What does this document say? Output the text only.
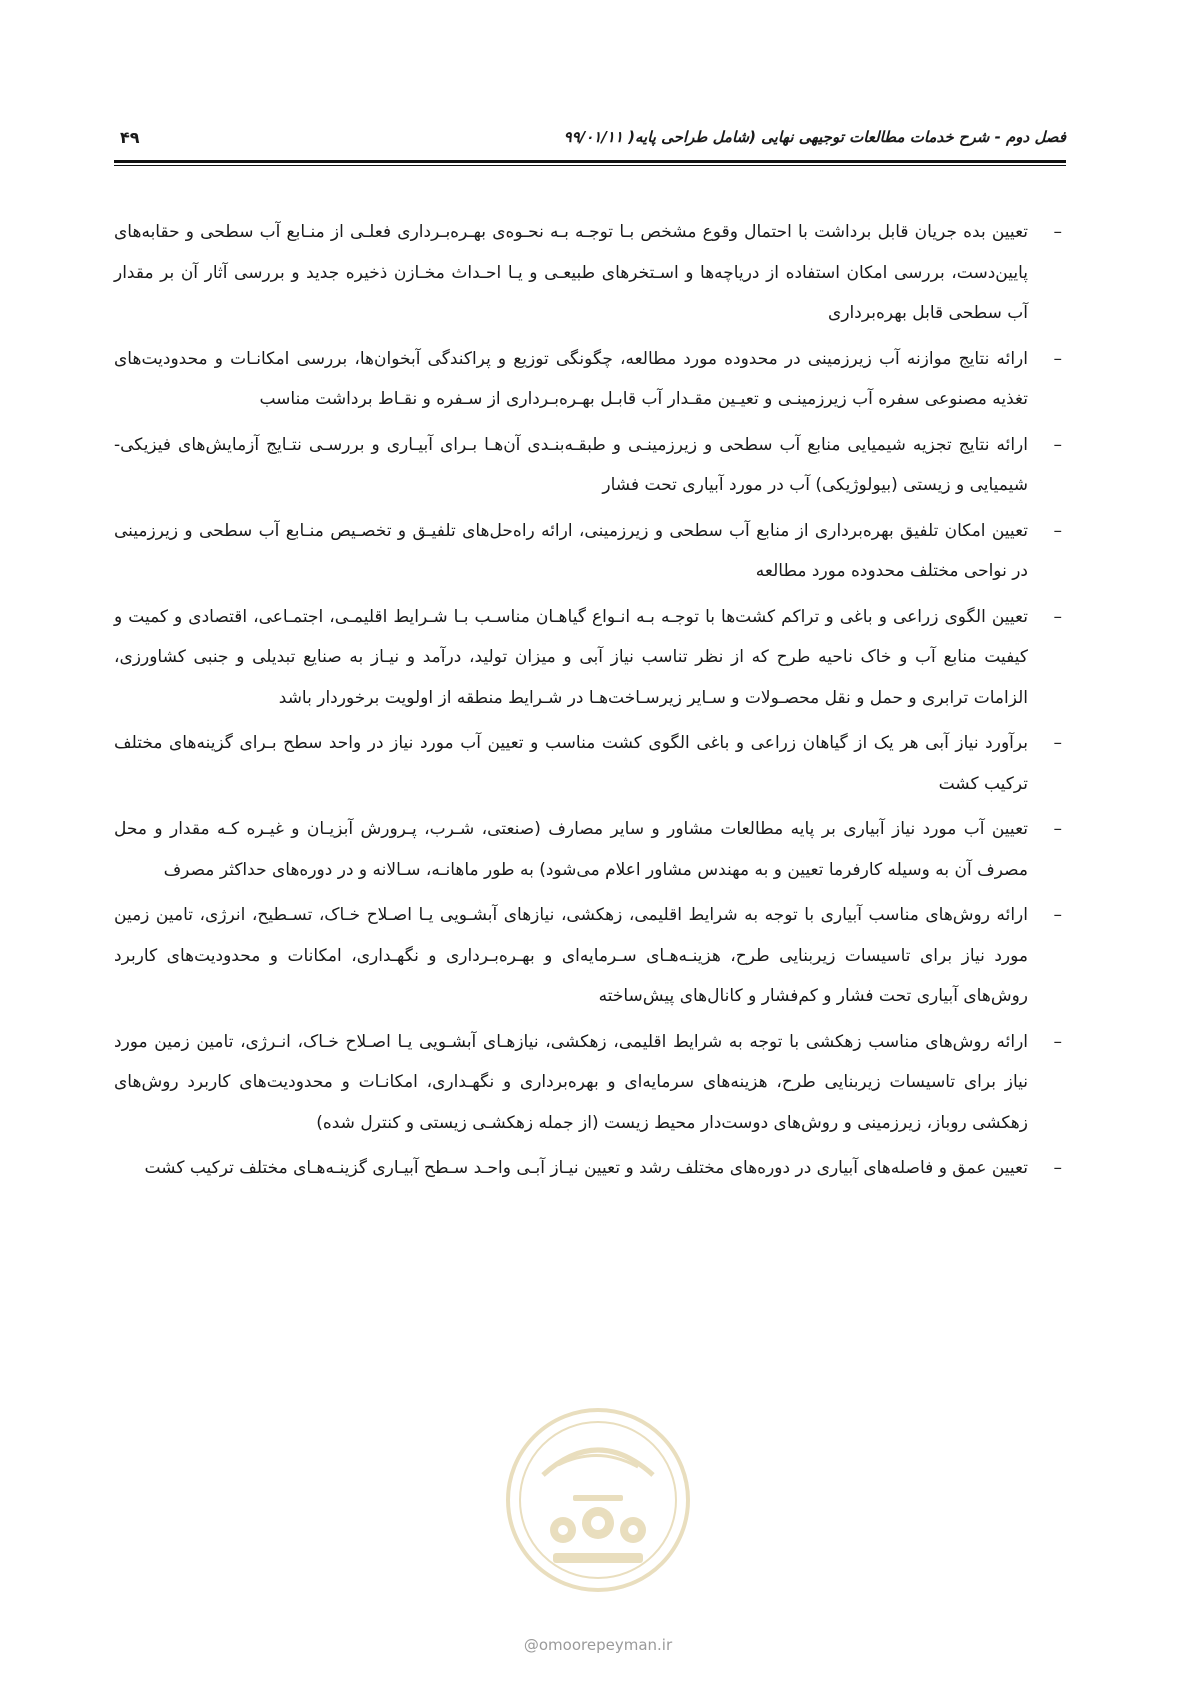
فصل دوم - شرح خدمات مطالعات توجیهی نهایی (شامل طراحی پایه( ۹۹/۰۱/۱۱
۴۹

–
تعیین بده جریان قابل برداشت با احتمال وقوع مشخص بـا توجـه بـه نحـوه‌ی بهـره‌بـرداری فعلـی از منـابع آب سطحی و حقابه‌های پایین‌دست، بررسی امکان استفاده از دریاچه‌ها و اسـتخرهای طبیعـی و یـا احـداث مخـازن ذخیره جدید و بررسی آثار آن بر مقدار آب سطحی قابل بهره‌برداری

–
ارائه نتایج موازنه آب زیرزمینی در محدوده مورد مطالعه، چگونگی توزیع و پراکندگی آبخوان‌ها، بررسی امکانـات و محدودیت‌های تغذیه مصنوعی سفره آب زیرزمینـی و تعیـین مقـدار آب قابـل بهـره‌بـرداری از سـفره و نقـاط برداشت مناسب

–
ارائه نتایج تجزیه شیمیایی منابع آب سطحی و زیرزمینـی و طبقـه‌بنـدی آن‌هـا بـرای آبیـاری و بررسـی نتـایج آزمایش‌های فیزیکی- شیمیایی و زیستی (بیولوژیکی) آب در مورد آبیاری تحت فشار

–
تعیین امکان تلفیق بهره‌برداری از منابع آب سطحی و زیرزمینی، ارائه راه‌حل‌های تلفیـق و تخصـیص منـابع آب سطحی و زیرزمینی در نواحی مختلف محدوده مورد مطالعه

–
تعیین الگوی زراعی و باغی و تراکم کشت‌ها با توجـه بـه انـواع گیاهـان مناسـب بـا شـرایط اقلیمـی، اجتمـاعی، اقتصادی و کمیت و کیفیت منابع آب و خاک ناحیه طرح که از نظر تناسب نیاز آبی و میزان تولید، درآمد و نیـاز به صنایع تبدیلی و جنبی کشاورزی، الزامات ترابری و حمل و نقل محصـولات و سـایر زیرسـاخت‌هـا در شـرایط منطقه از اولویت برخوردار باشد

–
برآورد نیاز آبی هر یک از گیاهان زراعی و باغی الگوی کشت مناسب و تعیین آب مورد نیاز در واحد سطح بـرای گزینه‌های مختلف ترکیب کشت

–
تعیین آب مورد نیاز آبیاری بر پایه مطالعات مشاور و سایر مصارف (صنعتی، شـرب، پـرورش آبزیـان و غیـره کـه مقدار و محل مصرف آن به وسیله کارفرما تعیین و به مهندس مشاور اعلام می‌شود) به طور ماهانـه، سـالانه و در دوره‌های حداکثر مصرف

–
ارائه روش‌های مناسب آبیاری با توجه به شرایط اقلیمی، زهکشی، نیازهای آبشـویی یـا اصـلاح خـاک، تسـطیح، انرژی، تامین زمین مورد نیاز برای تاسیسات زیربنایی طرح، هزینـه‌هـای سـرمایه‌ای و بهـره‌بـرداری و نگهـداری، امکانات و محدودیت‌های کاربرد روش‌های آبیاری تحت فشار و کم‌فشار و کانال‌های پیش‌ساخته

–
ارائه روش‌های مناسب زهکشی با توجه به شرایط اقلیمی، زهکشی، نیازهـای آبشـویی یـا اصـلاح خـاک، انـرژی، تامین زمین مورد نیاز برای تاسیسات زیربنایی طرح، هزینه‌های سرمایه‌ای و بهره‌برداری و نگهـداری، امکانـات و محدودیت‌های کاربرد روش‌های زهکشی روباز، زیرزمینی و روش‌های دوست‌دار محیط زیست (از جمله زهکشـی زیستی و کنترل شده)

–
تعیین عمق و فاصله‌های آبیاری در دوره‌های مختلف رشد و تعیین نیـاز آبـی واحـد سـطح آبیـاری گزینـه‌هـای مختلف ترکیب کشت

@omoorepeyman.ir
